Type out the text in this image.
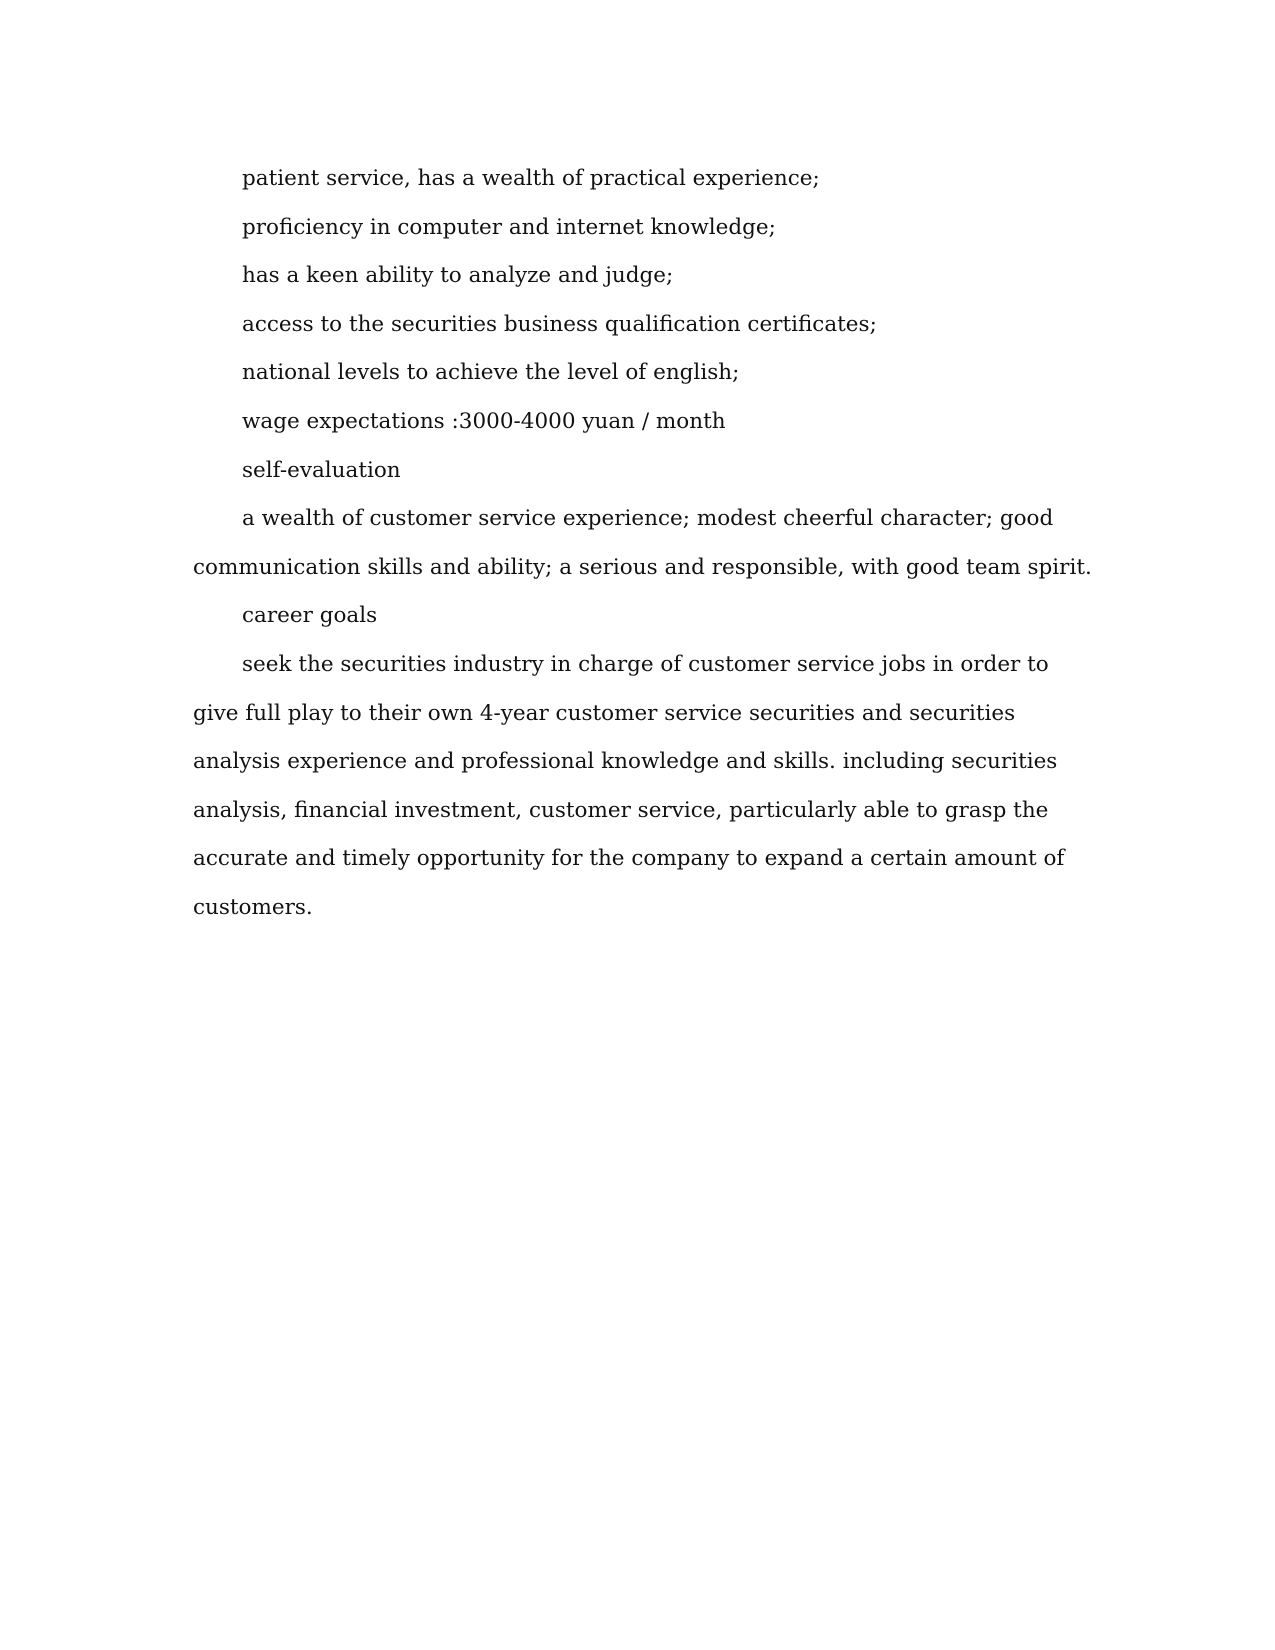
patient service, has a wealth of practical experience;

proficiency in computer and internet knowledge;

has a keen ability to analyze and judge;

access to the securities business qualification certificates;

national levels to achieve the level of english;

wage expectations :3000-4000 yuan / month

self-evaluation

a wealth of customer service experience; modest cheerful character; good communication skills and ability; a serious and responsible, with good team spirit.

career goals

seek the securities industry in charge of customer service jobs in order to give full play to their own 4-year customer service securities and securities analysis experience and professional knowledge and skills. including securities analysis, financial investment, customer service, particularly able to grasp the accurate and timely opportunity for the company to expand a certain amount of customers.
